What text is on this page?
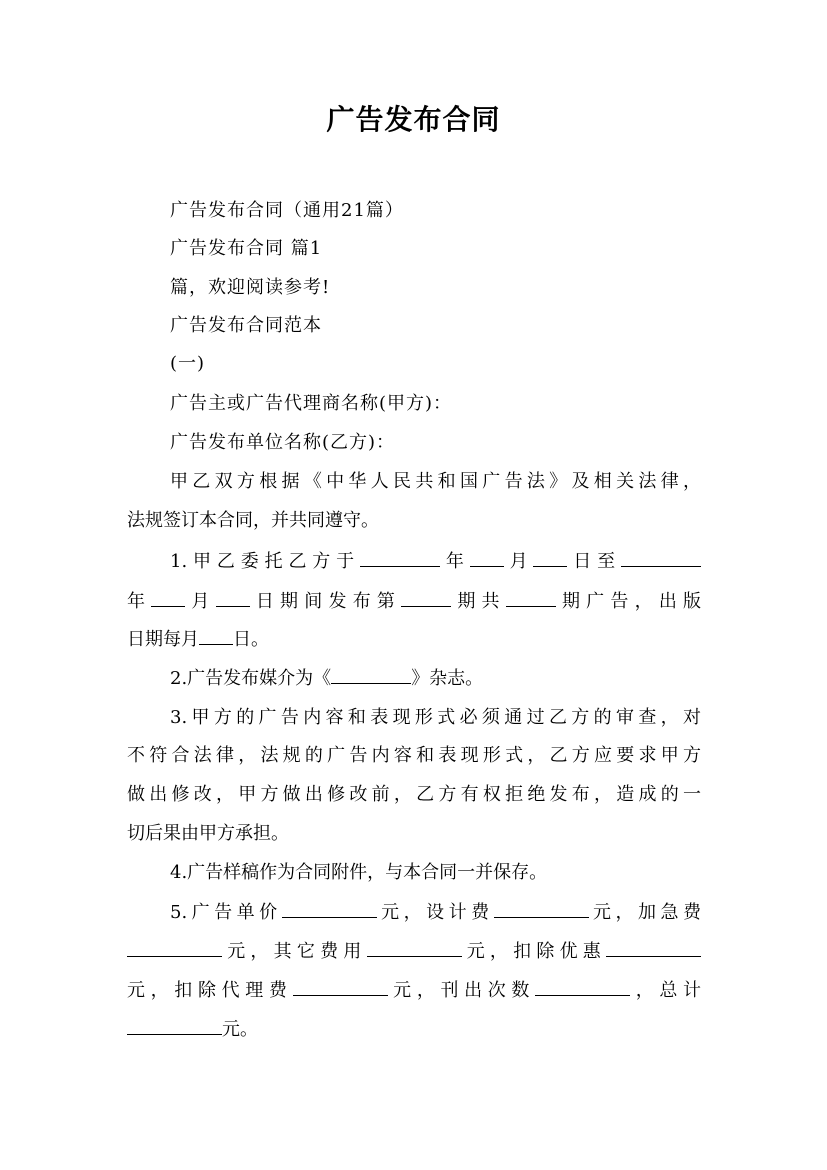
广告发布合同
广告发布合同（通用21篇）
广告发布合同 篇1
篇，欢迎阅读参考!
广告发布合同范本
(一)
广告主或广告代理商名称(甲方)：
广告发布单位名称(乙方)：
甲乙双方根据《中华人民共和国广告法》及相关法律，
法规签订本合同，并共同遵守。
1.甲乙委托乙方于	年 月 日至
年 月 日期间发布第	期共	期广告，出版
日期每月 日。
2.广告发布媒介为《	》杂志。
3.甲方的广告内容和表现形式必须通过乙方的审查，对
不符合法律，法规的广告内容和表现形式，乙方应要求甲方
做出修改，甲方做出修改前，乙方有权拒绝发布，造成的一
切后果由甲方承担。
4.广告样稿作为合同附件，与本合同一并保存。
5.广告单价	元，设计费	元，加急费
元，其它费用	元，扣除优惠
元，扣除代理费	元，刊出次数	，总计
元。
